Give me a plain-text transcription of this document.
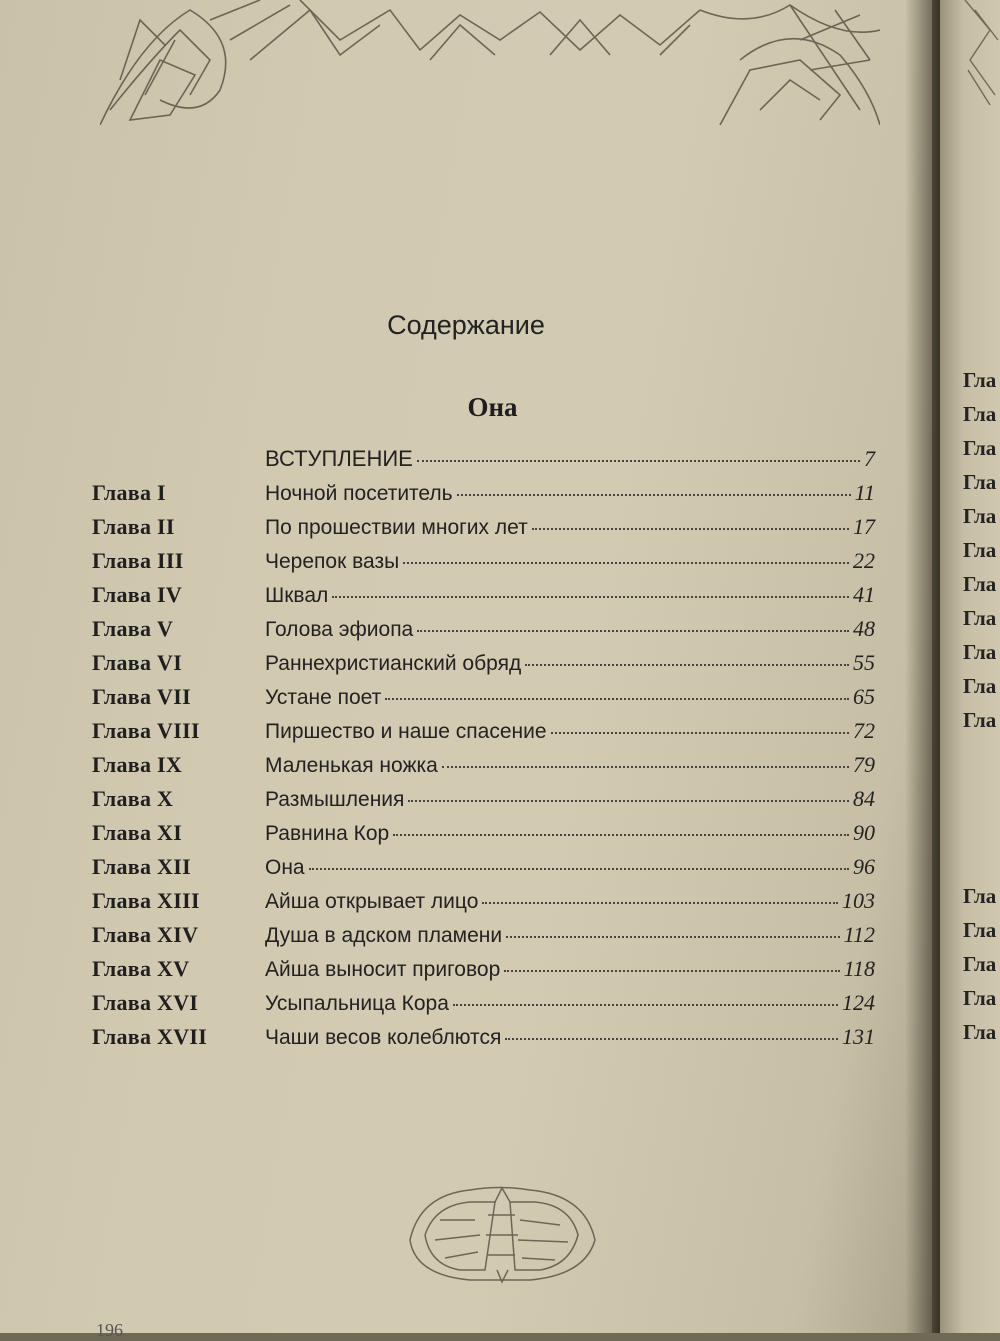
Содержание
Она
ВСТУПЛЕНИЕ	7
Глава I	Ночной посетитель	11
Глава II	По прошествии многих лет	17
Глава III	Черепок вазы	22
Глава IV	Шквал	41
Глава V	Голова эфиопа	48
Глава VI	Раннехристианский обряд	55
Глава VII	Устане поет	65
Глава VIII	Пиршество и наше спасение	72
Глава IX	Маленькая ножка	79
Глава X	Размышления	84
Глава XI	Равнина Кор	90
Глава XII	Она	96
Глава XIII	Айша открывает лицо	103
Глава XIV	Душа в адском пламени	112
Глава XV	Айша выносит приговор	118
Глава XVI	Усыпальница Кора	124
Глава XVII	Чаши весов колеблются	131
196
Гла
Гла
Гла
Гла
Гла
Гла
Гла
Гла
Гла
Гла
Гла
Гла
Гла
Гла
Гла
Гла
